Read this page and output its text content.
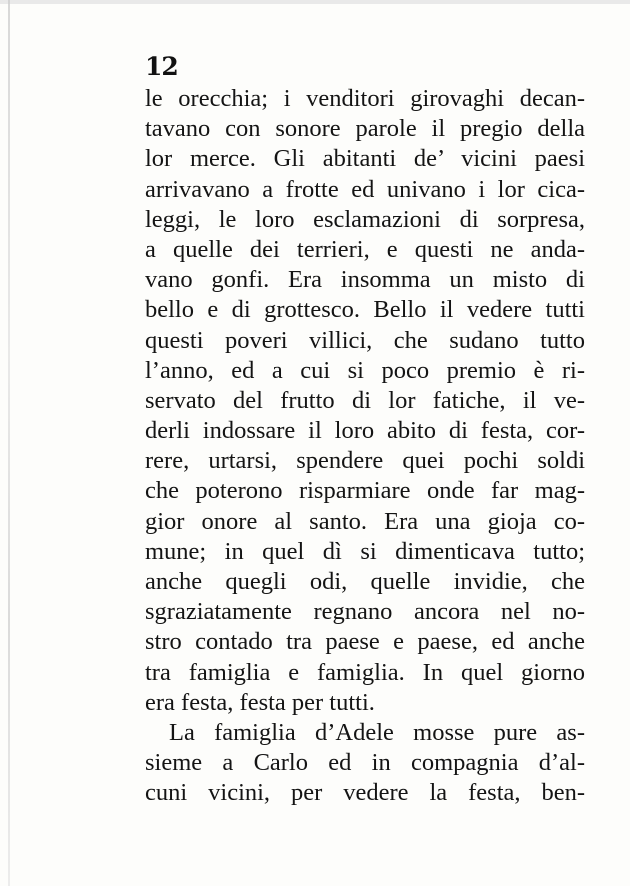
12
le orecchia; i venditori girovaghi decan-
tavano con sonore parole il pregio della
lor merce. Gli abitanti de’ vicini paesi
arrivavano a frotte ed univano i lor cica-
leggi, le loro esclamazioni di sorpresa,
a quelle dei terrieri, e questi ne anda-
vano gonfi. Era insomma un misto di
bello e di grottesco. Bello il vedere tutti
questi poveri villici, che sudano tutto
l’anno, ed a cui si poco premio è ri-
servato del frutto di lor fatiche, il ve-
derli indossare il loro abito di festa, cor-
rere, urtarsi, spendere quei pochi soldi
che poterono risparmiare onde far mag-
gior onore al santo. Era una gioja co-
mune; in quel dì si dimenticava tutto;
anche quegli odi, quelle invidie, che
sgraziatamente regnano ancora nel no-
stro contado tra paese e paese, ed anche
tra famiglia e famiglia. In quel giorno
era festa, festa per tutti.
La famiglia d’Adele mosse pure as-
sieme a Carlo ed in compagnia d’al-
cuni vicini, per vedere la festa, ben-
